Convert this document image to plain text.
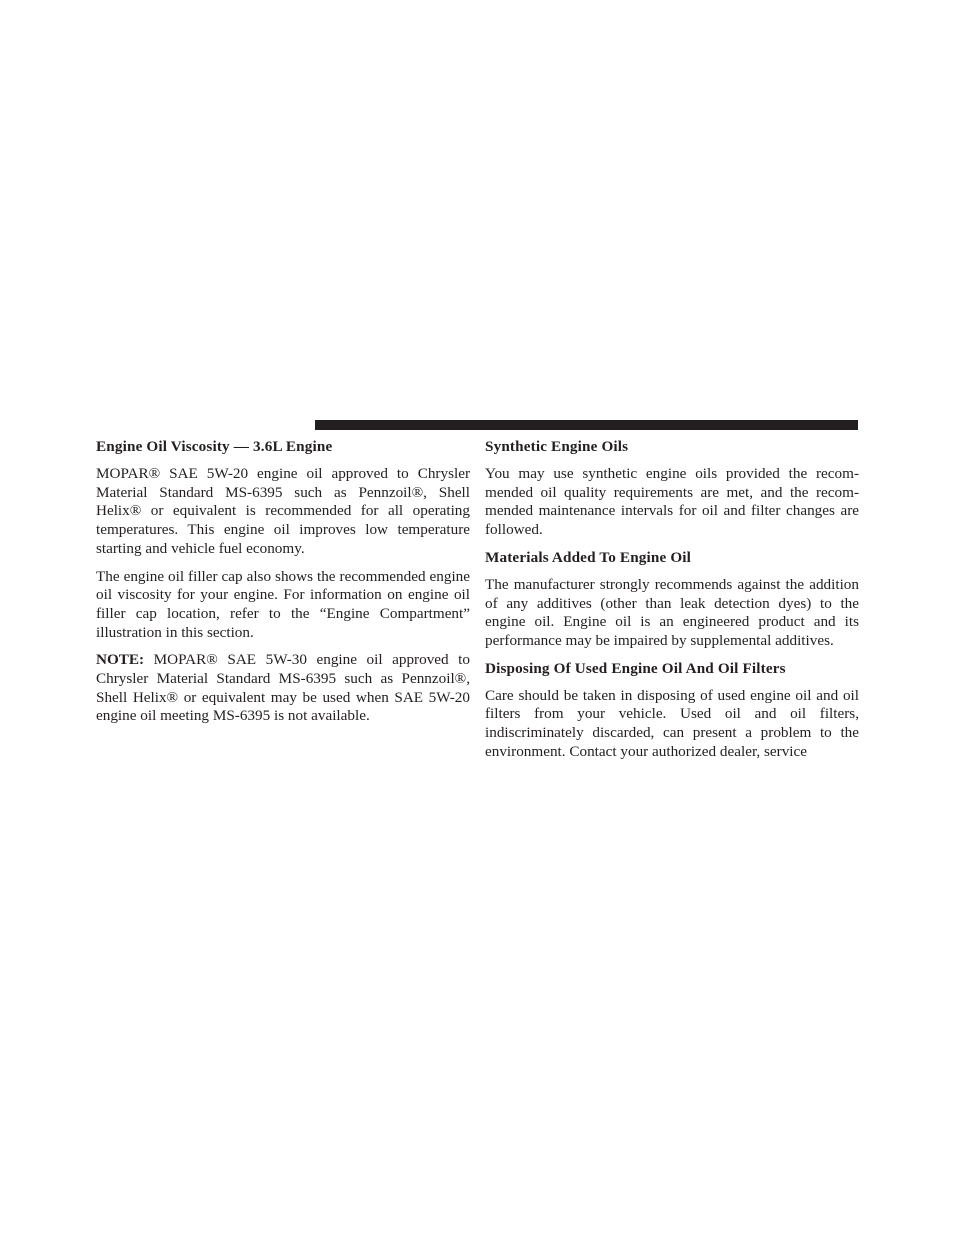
Engine Oil Viscosity — 3.6L Engine

MOPAR® SAE 5W-20 engine oil approved to Chrysler Material Standard MS-6395 such as Pennzoil®, Shell Helix® or equivalent is recommended for all operating temperatures. This engine oil improves low temperature starting and vehicle fuel economy.

The engine oil filler cap also shows the recommended engine oil viscosity for your engine. For information on engine oil filler cap location, refer to the “Engine Compartment” illustration in this section.

NOTE: MOPAR® SAE 5W-30 engine oil approved to Chrysler Material Standard MS-6395 such as Pennzoil®, Shell Helix® or equivalent may be used when SAE 5W-20 engine oil meeting MS-6395 is not available.

Synthetic Engine Oils

You may use synthetic engine oils provided the recommended oil quality requirements are met, and the recommended maintenance intervals for oil and filter changes are followed.

Materials Added To Engine Oil

The manufacturer strongly recommends against the addition of any additives (other than leak detection dyes) to the engine oil. Engine oil is an engineered product and its performance may be impaired by supplemental additives.

Disposing Of Used Engine Oil And Oil Filters

Care should be taken in disposing of used engine oil and oil filters from your vehicle. Used oil and oil filters, indiscriminately discarded, can present a problem to the environment. Contact your authorized dealer, service
